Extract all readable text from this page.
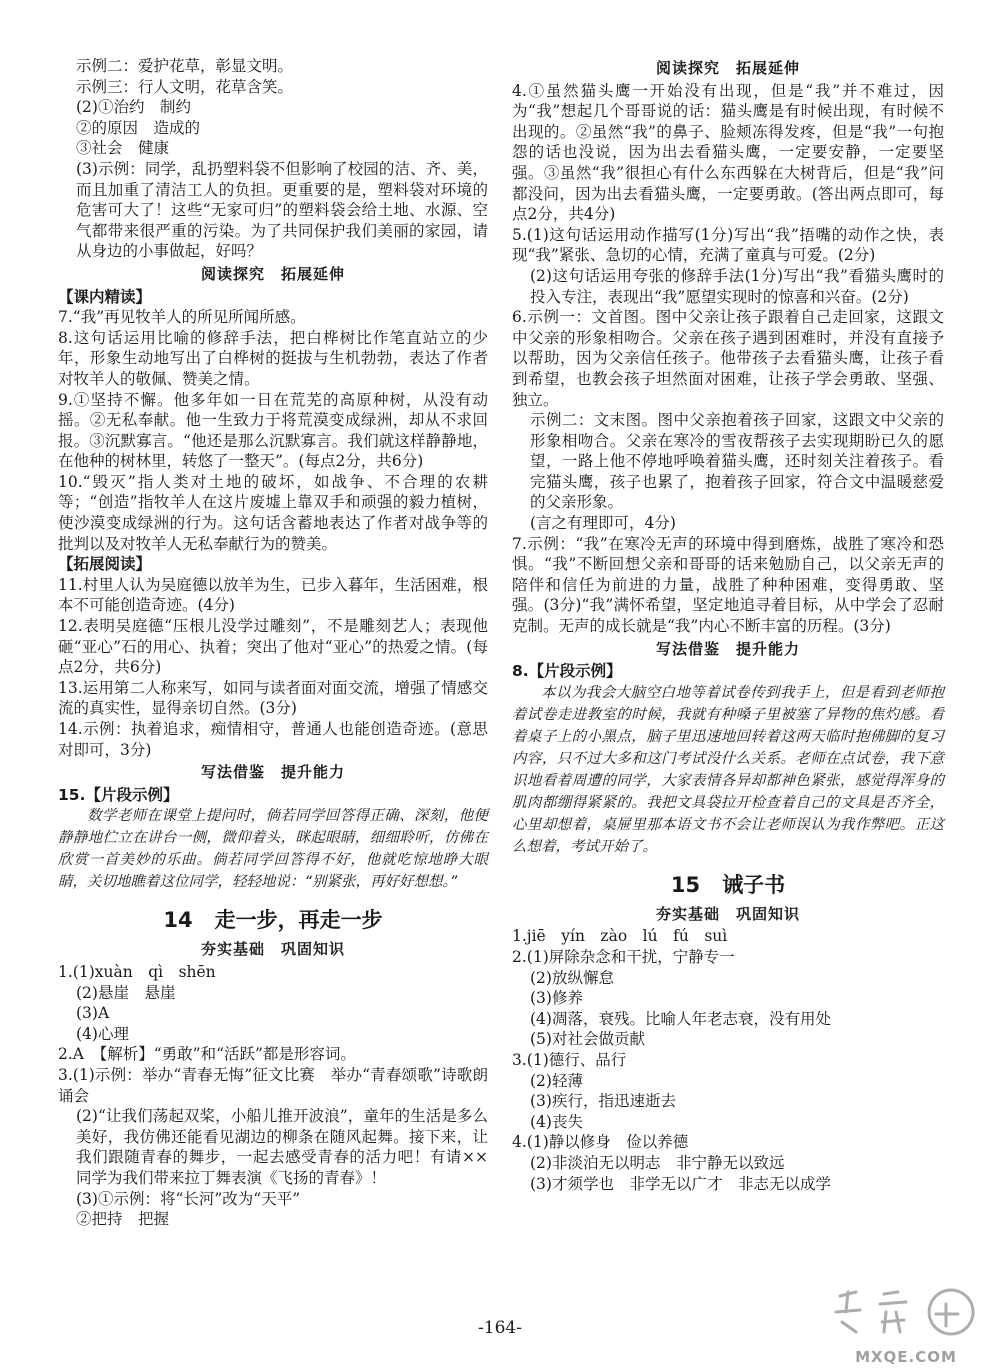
示例二：爱护花草，彰显文明。

示例三：行人文明，花草含笑。

(2)①治约　制约

②的原因　造成的

③社会　健康

(3)示例：同学，乱扔塑料袋不但影响了校园的洁、齐、美，而且加重了清洁工人的负担。更重要的是，塑料袋对环境的危害可大了！这些“无家可归”的塑料袋会给土地、水源、空气都带来很严重的污染。为了共同保护我们美丽的家园，请从身边的小事做起，好吗？

阅读探究　拓展延伸

【课内精读】

7.“我”再见牧羊人的所见所闻所感。

8.这句话运用比喻的修辞手法，把白桦树比作笔直站立的少年，形象生动地写出了白桦树的挺拔与生机勃勃，表达了作者对牧羊人的敬佩、赞美之情。

9.①坚持不懈。他多年如一日在荒芜的高原种树，从没有动摇。②无私奉献。他一生致力于将荒漠变成绿洲，却从不求回报。③沉默寡言。“他还是那么沉默寡言。我们就这样静静地，在他种的树林里，转悠了一整天”。(每点2分，共6分)

10.“毁灭”指人类对土地的破坏，如战争、不合理的农耕等；“创造”指牧羊人在这片废墟上靠双手和顽强的毅力植树，使沙漠变成绿洲的行为。这句话含蓄地表达了作者对战争等的批判以及对牧羊人无私奉献行为的赞美。

【拓展阅读】

11.村里人认为吴庭德以放羊为生，已步入暮年，生活困难，根本不可能创造奇迹。(4分)

12.表明吴庭德“压根儿没学过雕刻”，不是雕刻艺人；表现他砸“亚心”石的用心、执着；突出了他对“亚心”的热爱之情。(每点2分，共6分)

13.运用第二人称来写，如同与读者面对面交流，增强了情感交流的真实性，显得亲切自然。(3分)

14.示例：执着追求，痴情相守，普通人也能创造奇迹。(意思对即可，3分)

写法借鉴　提升能力

15.【片段示例】

数学老师在课堂上提问时，倘若同学回答得正确、深刻，他便静静地伫立在讲台一侧，微仰着头，眯起眼睛，细细聆听，仿佛在欣赏一首美妙的乐曲。倘若同学回答得不好，他就吃惊地睁大眼睛，关切地瞧着这位同学，轻轻地说：“别紧张，再好好想想。”

14 走一步，再走一步
夯实基础　巩固知识

1.(1)xuàn　qì　shēn

(2)悬崖　悬崖

(3)A

(4)心理

2.A　【解析】“勇敢”和“活跃”都是形容词。

3.(1)示例：举办“青春无悔”征文比赛　举办“青春颂歌”诗歌朗诵会

(2)“让我们荡起双桨，小船儿推开波浪”，童年的生活是多么美好，我仿佛还能看见湖边的柳条在随风起舞。接下来，让我们跟随青春的舞步，一起去感受青春的活力吧！有请××同学为我们带来拉丁舞表演《飞扬的青春》！

(3)①示例：将“长河”改为“天平”

②把持　把握

阅读探究　拓展延伸

4.①虽然猫头鹰一开始没有出现，但是“我”并不难过，因为“我”想起几个哥哥说的话：猫头鹰是有时候出现，有时候不出现的。②虽然“我”的鼻子、脸颊冻得发疼，但是“我”一句抱怨的话也没说，因为出去看猫头鹰，一定要安静，一定要坚强。③虽然“我”很担心有什么东西躲在大树背后，但是“我”问都没问，因为出去看猫头鹰，一定要勇敢。(答出两点即可，每点2分，共4分)

5.(1)这句话运用动作描写(1分)写出“我”捂嘴的动作之快，表现“我”紧张、急切的心情，充满了童真与可爱。(2分)

(2)这句话运用夸张的修辞手法(1分)写出“我”看猫头鹰时的投入专注，表现出“我”愿望实现时的惊喜和兴奋。(2分)

6.示例一：文首图。图中父亲让孩子跟着自己走回家，这跟文中父亲的形象相吻合。父亲在孩子遇到困难时，并没有直接予以帮助，因为父亲信任孩子。他带孩子去看猫头鹰，让孩子看到希望，也教会孩子坦然面对困难，让孩子学会勇敢、坚强、独立。

示例二：文末图。图中父亲抱着孩子回家，这跟文中父亲的形象相吻合。父亲在寒冷的雪夜帮孩子去实现期盼已久的愿望，一路上他不停地呼唤着猫头鹰，还时刻关注着孩子。看完猫头鹰，孩子也累了，抱着孩子回家，符合文中温暖慈爱的父亲形象。

(言之有理即可，4分)

7.示例：“我”在寒冷无声的环境中得到磨炼，战胜了寒冷和恐惧。“我”不断回想父亲和哥哥的话来勉励自己，以父亲无声的陪伴和信任为前进的力量，战胜了种种困难，变得勇敢、坚强。(3分)“我”满怀希望，坚定地追寻着目标，从中学会了忍耐克制。无声的成长就是“我”内心不断丰富的历程。(3分)

写法借鉴　提升能力

8.【片段示例】

本以为我会大脑空白地等着试卷传到我手上，但是看到老师抱着试卷走进教室的时候，我就有种嗓子里被塞了异物的焦灼感。看着桌子上的小黑点，脑子里迅速地回转着这两天临时抱佛脚的复习内容，只不过大多和这门考试没什么关系。老师在点试卷，我下意识地看着周遭的同学，大家表情各异却都神色紧张，感觉得浑身的肌肉都绷得紧紧的。我把文具袋拉开检查着自己的文具是否齐全，心里却想着，桌屉里那本语文书不会让老师误认为我作弊吧。正这么想着，考试开始了。

15 诫子书
夯实基础　巩固知识

1.jiē　yín　zào　lú　fú　suì

2.(1)屏除杂念和干扰，宁静专一

(2)放纵懈怠

(3)修养

(4)凋落，衰残。比喻人年老志衰，没有用处

(5)对社会做贡献

3.(1)德行、品行

(2)轻薄

(3)疾行，指迅速逝去

(4)丧失

4.(1)静以修身　俭以养德

(2)非淡泊无以明志　非宁静无以致远

(3)才须学也　非学无以广才　非志无以成学

-164-
MXQE.COM
